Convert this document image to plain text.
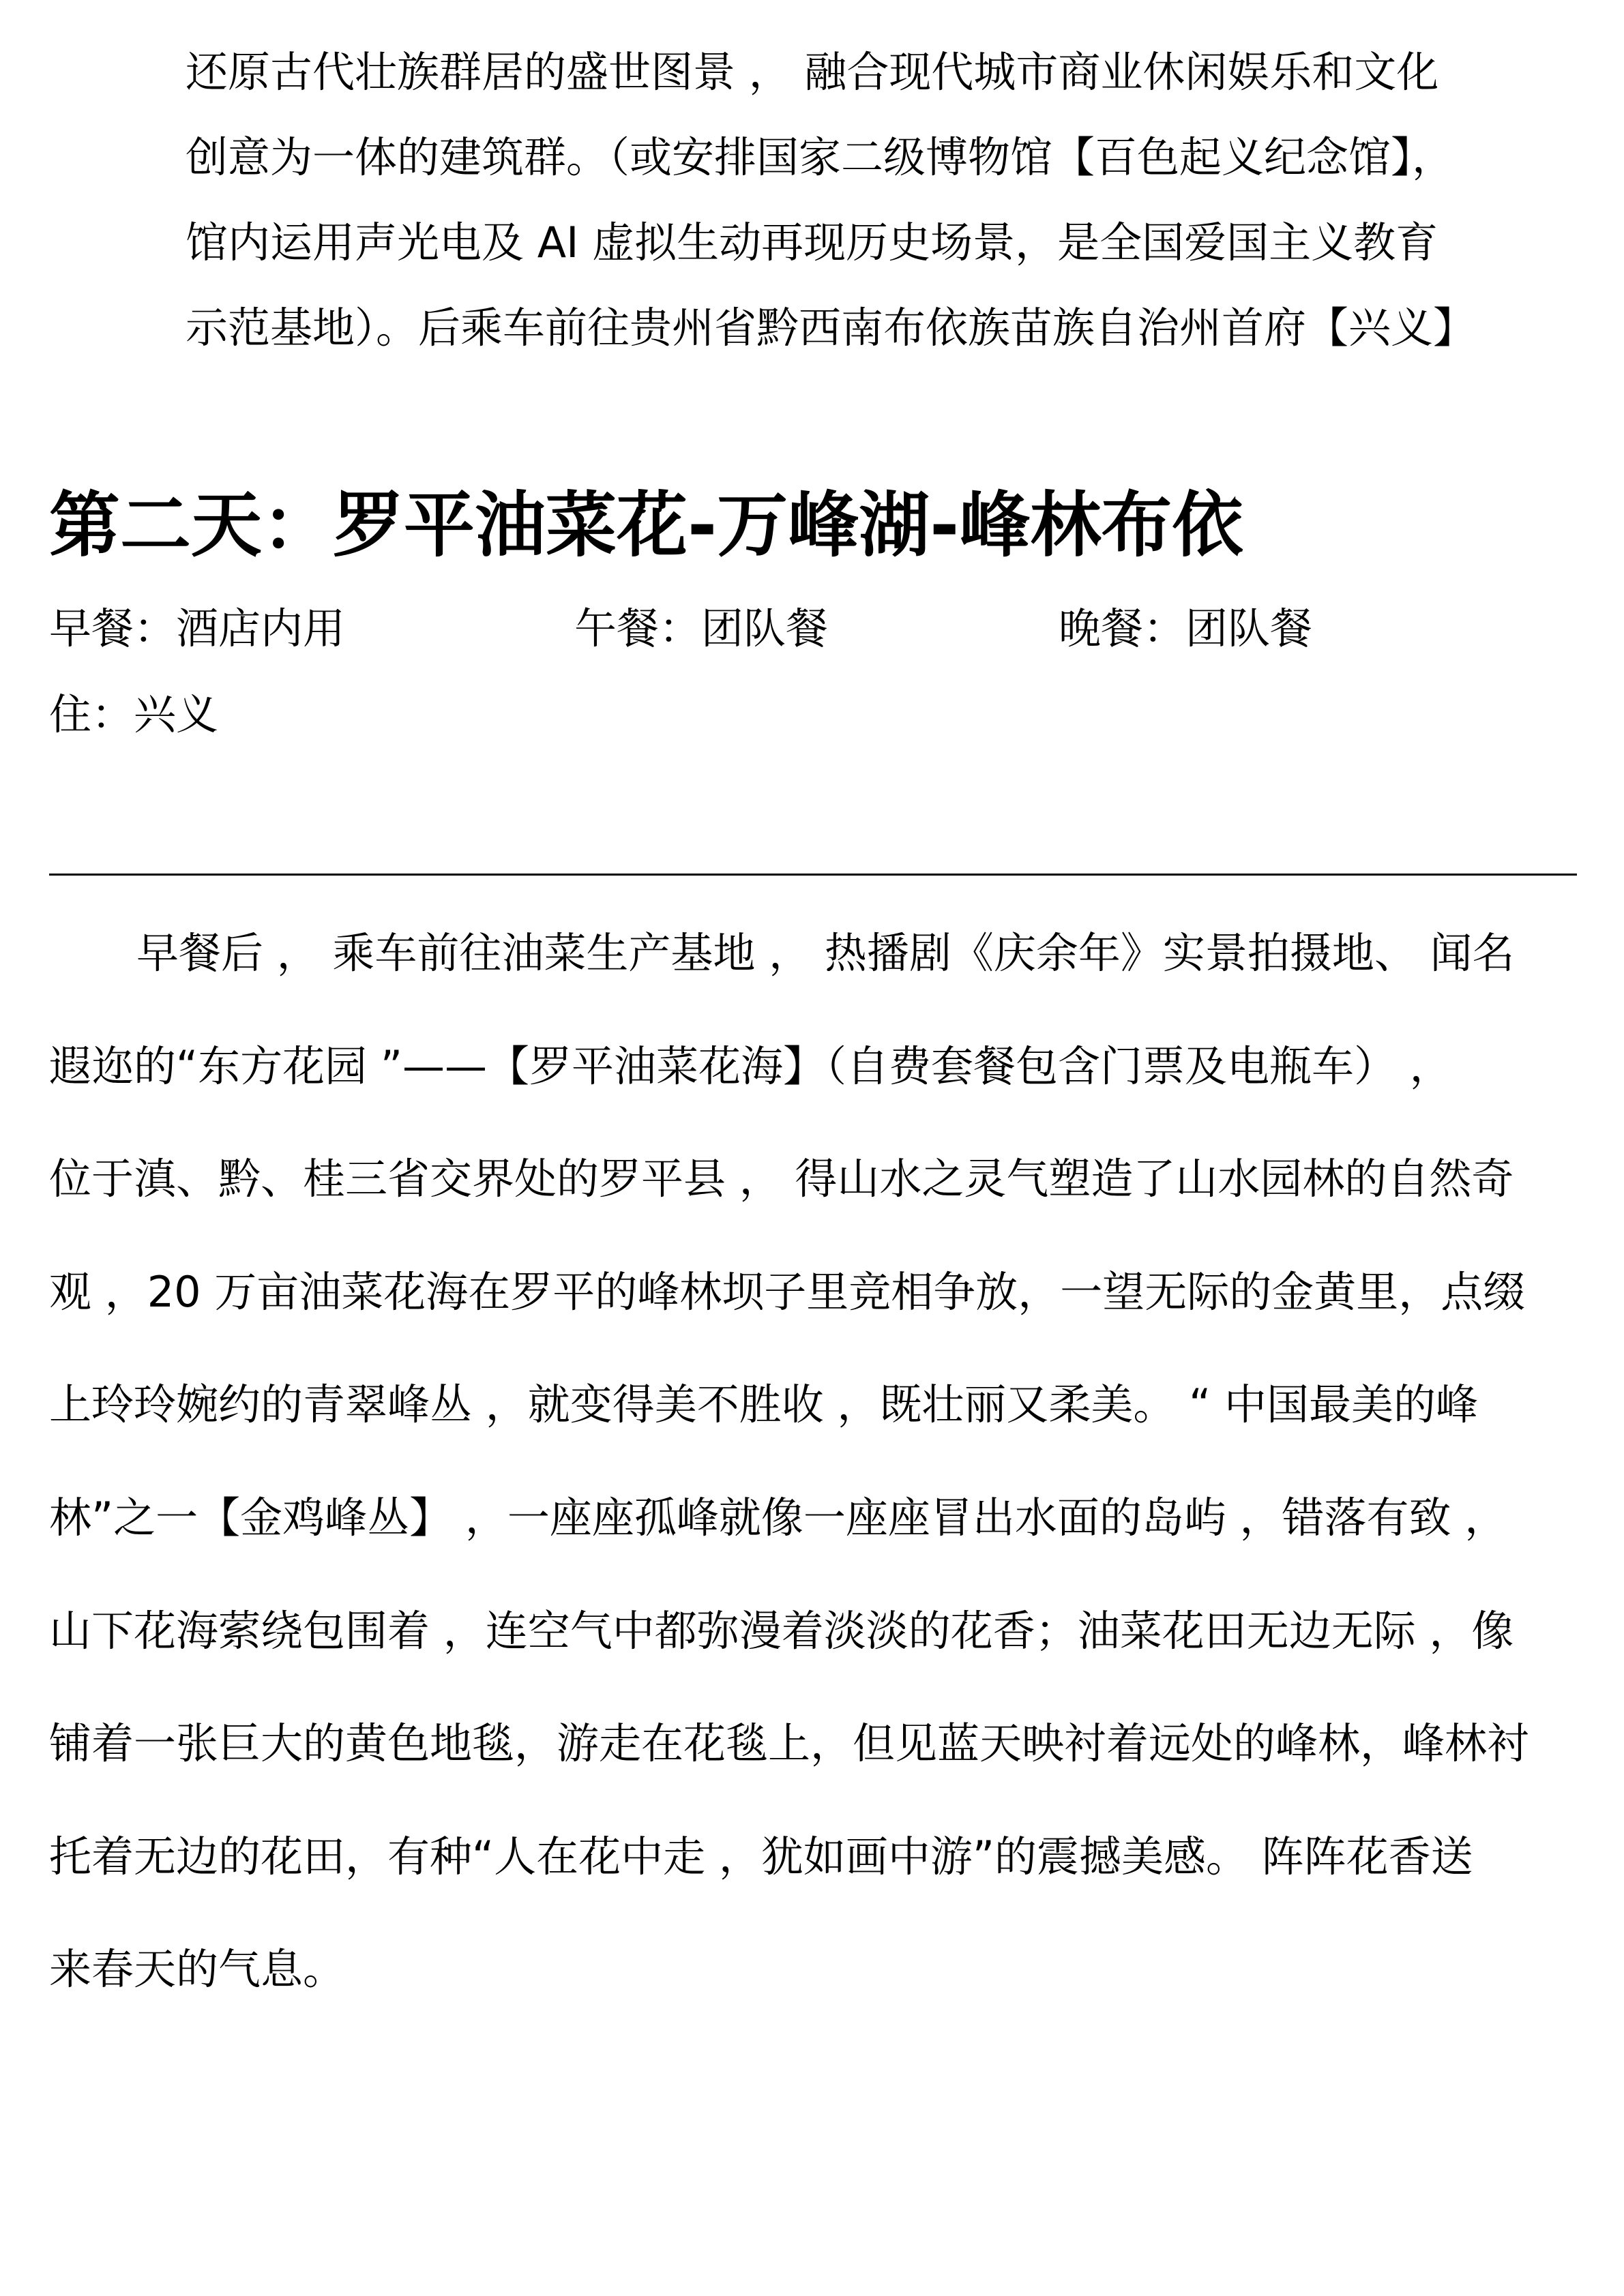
还原古代壮族群居的盛世图景 ， 融合现代城市商业休闲娱乐和文化
创意为一体的建筑群。（或安排国家二级博物馆【百色起义纪念馆】，
馆内运用声光电及 AI 虚拟生动再现历史场景，是全国爱国主义教育
示范基地）。后乘车前往贵州省黔西南布依族苗族自治州首府【兴义】
第二天：罗平油菜花-万峰湖-峰林布依
早餐：酒店内用	午餐：团队餐	晚餐：团队餐
住：兴义
早餐后 ， 乘车前往油菜生产基地 ， 热播剧《庆余年》实景拍摄地、 闻名
遐迩的“东方花园 ”——【罗平油菜花海】（自费套餐包含门票及电瓶车） ，
位于滇、黔、桂三省交界处的罗平县 ， 得山水之灵气塑造了山水园林的自然奇
观 ，20 万亩油菜花海在罗平的峰林坝子里竞相争放，一望无际的金黄里，点缀
上玲玲婉约的青翠峰丛 ，就变得美不胜收 ，既壮丽又柔美。 “ 中国最美的峰
林”之一【金鸡峰丛】 ，一座座孤峰就像一座座冒出水面的岛屿 ，错落有致 ，
山下花海萦绕包围着 ，连空气中都弥漫着淡淡的花香；油菜花田无边无际 ，像
铺着一张巨大的黄色地毯，游走在花毯上，但见蓝天映衬着远处的峰林，峰林衬
托着无边的花田，有种“人在花中走 ，犹如画中游”的震撼美感。 阵阵花香送
来春天的气息。
